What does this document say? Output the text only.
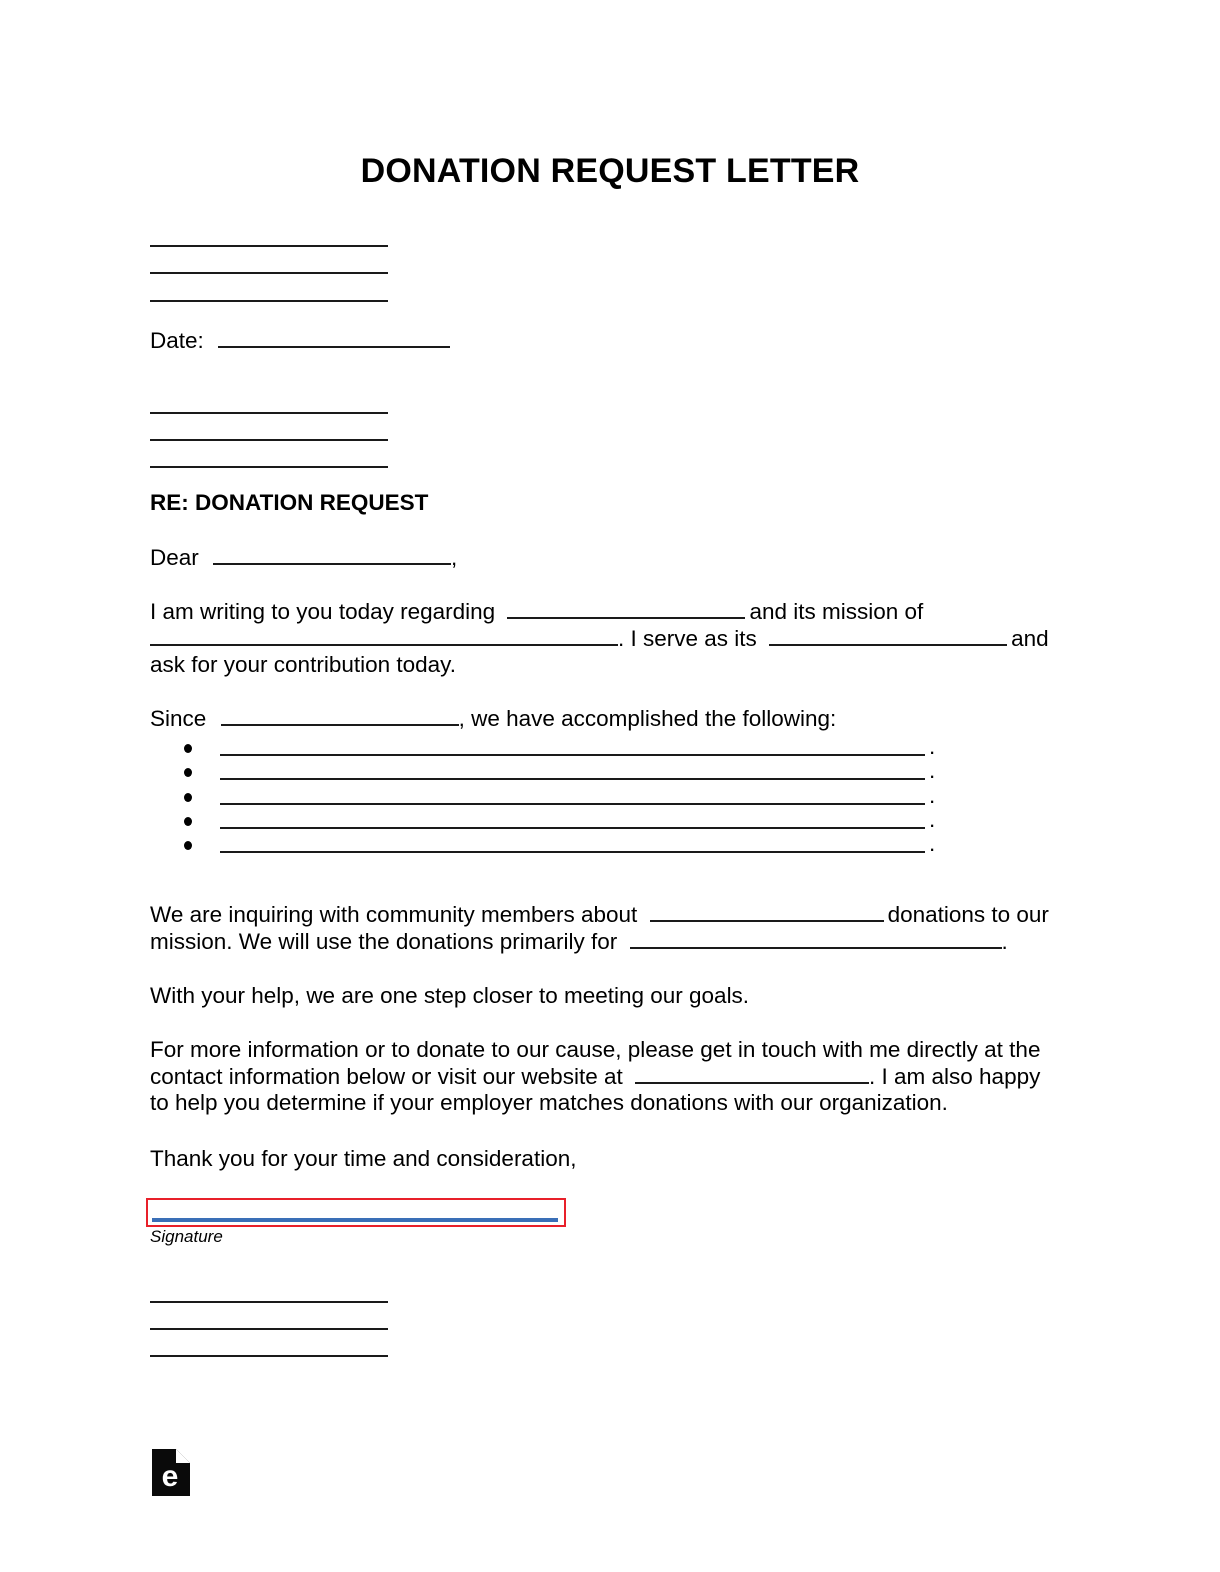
DONATION REQUEST LETTER
Date:
RE: DONATION REQUEST
Dear	,
I am writing to you today regarding	and its mission of . I serve as its	and ask for your contribution today.
Since	, we have accomplished the following:
.
.
.
.
.
We are inquiring with community members about	donations to our mission. We will use the donations primarily for	.
With your help, we are one step closer to meeting our goals.
For more information or to donate to our cause, please get in touch with me directly at the contact information below or visit our website at	. I am also happy to help you determine if your employer matches donations with our organization.
Thank you for your time and consideration,
Signature
e
